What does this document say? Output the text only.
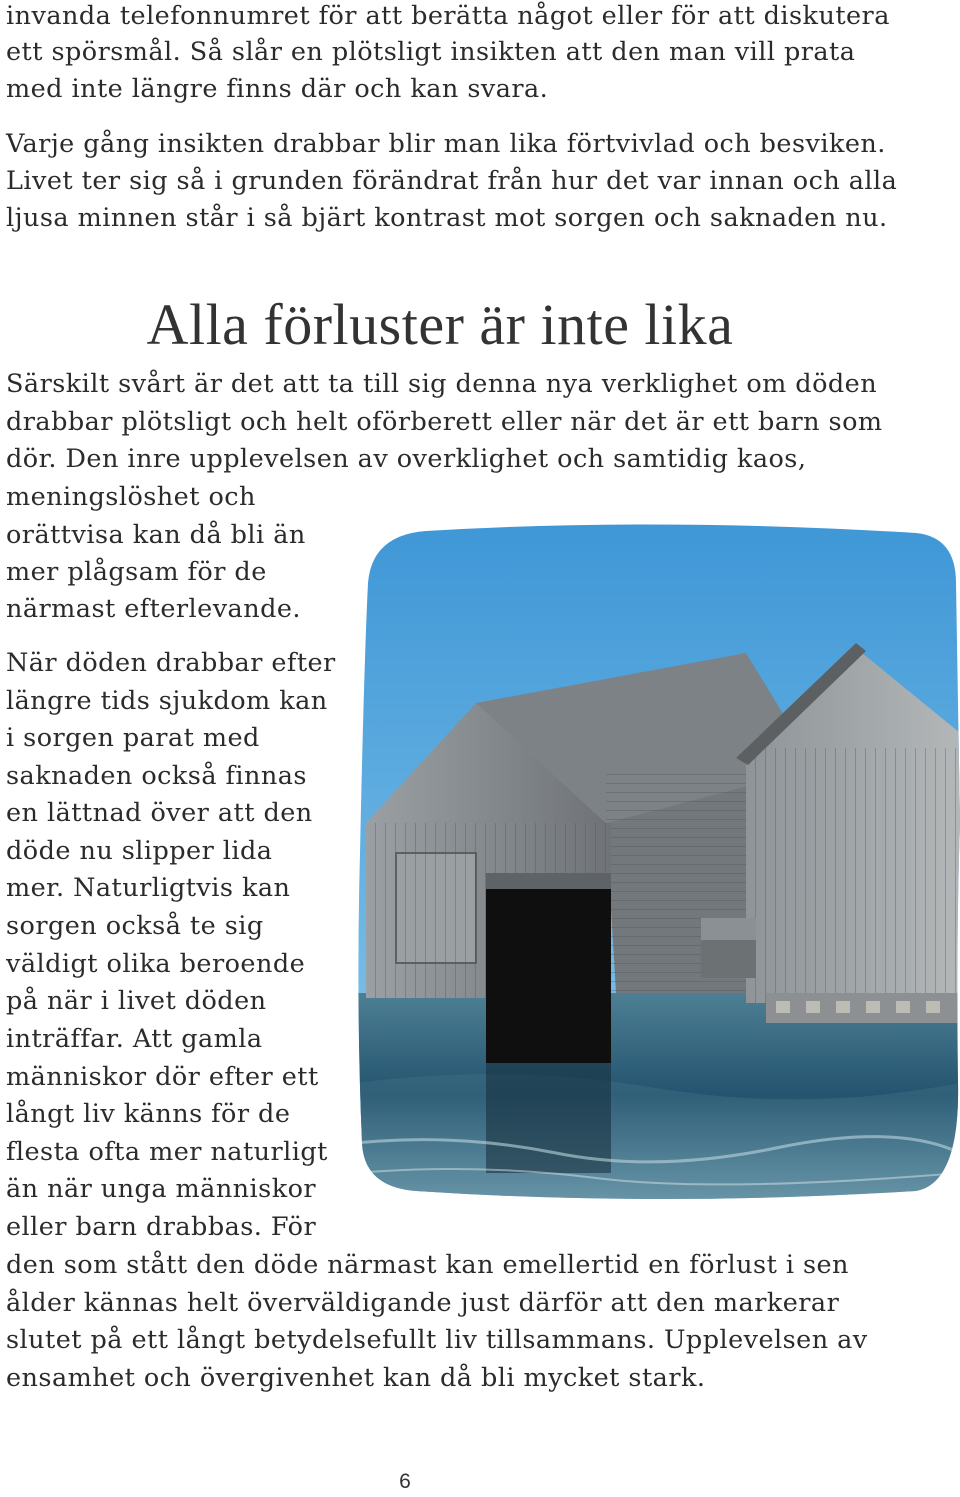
invanda telefonnumret för att berätta något eller för att diskutera
ett spörsmål. Så slår en plötsligt insikten att den man vill prata
med inte längre finns där och kan svara.
Varje gång insikten drabbar blir man lika förtvivlad och besviken.
Livet ter sig så i grunden förändrat från hur det var innan och alla
ljusa minnen står i så bjärt kontrast mot sorgen och saknaden nu.
Alla förluster är inte lika
Särskilt svårt är det att ta till sig denna nya verklighet om döden
drabbar plötsligt och helt oförberett eller när det är ett barn som
dör. Den inre upplevelsen av overklighet och samtidig kaos,
meningslöshet och
orättvisa kan då bli än
mer plågsam för de
närmast efterlevande.
När döden drabbar efter
längre tids sjukdom kan
i sorgen parat med
saknaden också finnas
en lättnad över att den
döde nu slipper lida
mer. Naturligtvis kan
sorgen också te sig
väldigt olika beroende
på när i livet döden
inträffar. Att gamla
människor dör efter ett
långt liv känns för de
flesta ofta mer naturligt
än när unga människor
eller barn drabbas. För
den som stått den döde närmast kan emellertid en förlust i sen
ålder kännas helt överväldigande just därför att den markerar
slutet på ett långt betydelsefullt liv tillsammans. Upplevelsen av
ensamhet och övergivenhet kan då bli mycket stark.
6
